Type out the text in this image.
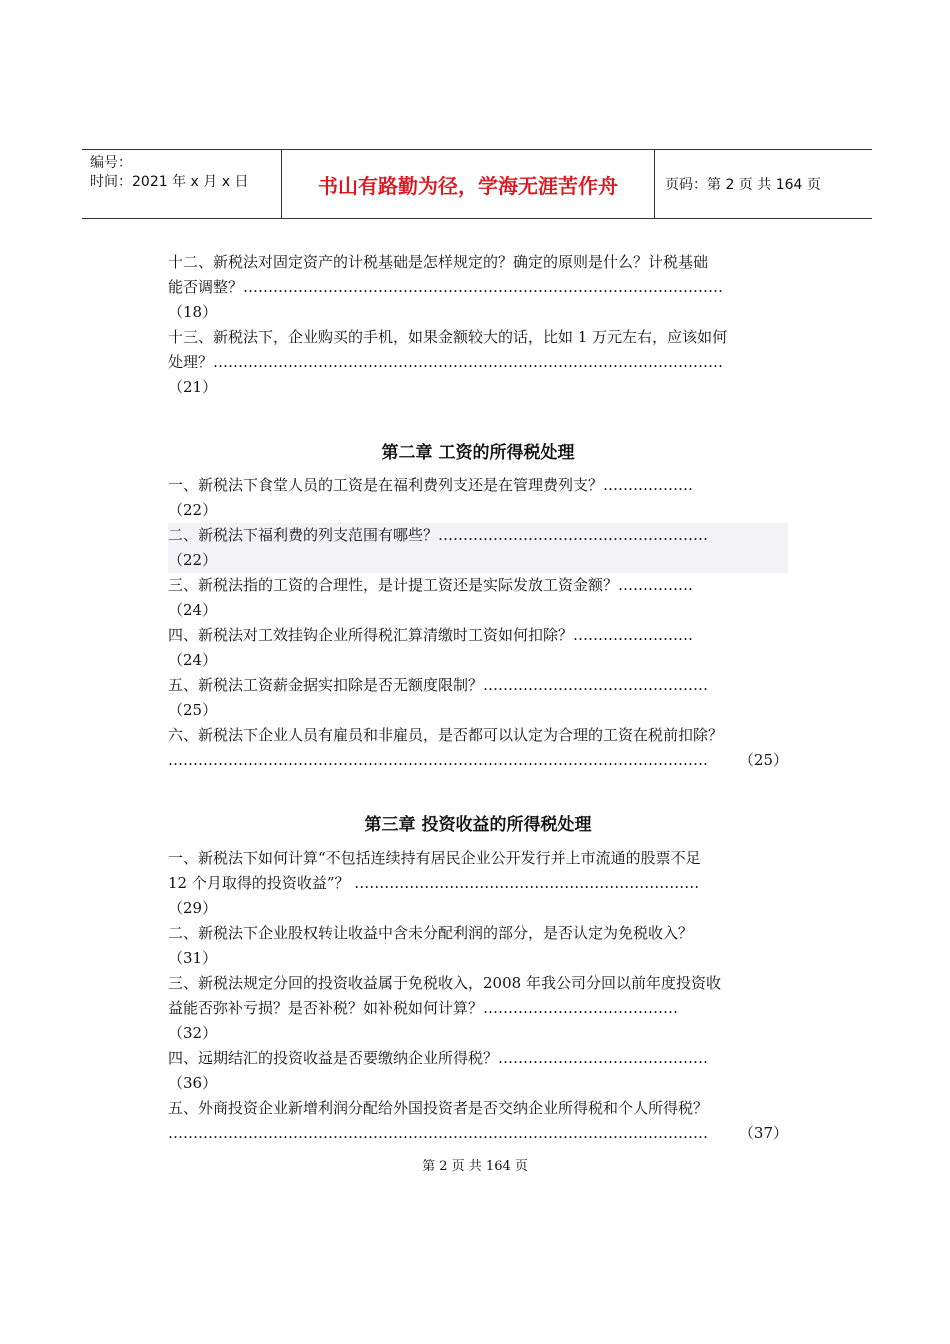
编号：
时间：2021 年 x 月 x 日	书山有路勤为径，学海无涯苦作舟	页码：第 2 页 共 164 页
十二、新税法对固定资产的计税基础是怎样规定的？确定的原则是什么？计税基础
能否调整？……………………………………………………………………………………
（18）
十三、新税法下，企业购买的手机，如果金额较大的话，比如 1 万元左右，应该如何
处理？…………………………………………………………………………………………
（21）
第二章 工资的所得税处理
一、新税法下食堂人员的工资是在福利费列支还是在管理费列支？………………
（22）
二、新税法下福利费的列支范围有哪些？………………………………………………
（22）
三、新税法指的工资的合理性，是计提工资还是实际发放工资金额？……………
（24）
四、新税法对工效挂钩企业所得税汇算清缴时工资如何扣除？……………………
（24）
五、新税法工资薪金据实扣除是否无额度限制？………………………………………
（25）
六、新税法下企业人员有雇员和非雇员，是否都可以认定为合理的工资在税前扣除？
……………………………………………………………………………………………… （25）
第三章 投资收益的所得税处理
一、新税法下如何计算“不包括连续持有居民企业公开发行并上市流通的股票不足
12 个月取得的投资收益”？ ……………………………………………………………
（29）
二、新税法下企业股权转让收益中含未分配利润的部分，是否认定为免税收入？
（31）
三、新税法规定分回的投资收益属于免税收入，2008 年我公司分回以前年度投资收
益能否弥补亏损？是否补税？如补税如何计算？…………………………………
（32）
四、远期结汇的投资收益是否要缴纳企业所得税？……………………………………
（36）
五、外商投资企业新增利润分配给外国投资者是否交纳企业所得税和个人所得税？
……………………………………………………………………………………………… （37）
第 2 页 共 164 页
